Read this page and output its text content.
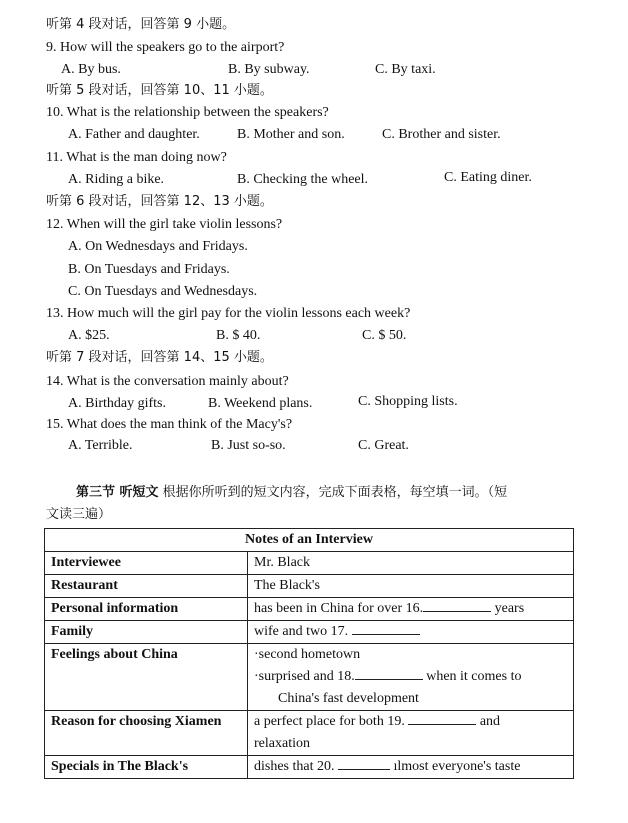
听第 4 段对话，回答第 9 小题。
9. How will the speakers go to the airport?
A. By bus.	B. By subway.	C. By taxi.
听第 5 段对话，回答第 10、11 小题。
10. What is the relationship between the speakers?
A. Father and daughter.	B. Mother and son.	C. Brother and sister.
11. What is the man doing now?
A. Riding a bike.	B. Checking the wheel.	C. Eating diner.
听第 6 段对话，回答第 12、13 小题。
12. When will the girl take violin lessons?
A. On Wednesdays and Fridays.
B. On Tuesdays and Fridays.
C. On Tuesdays and Wednesdays.
13. How much will the girl pay for the violin lessons each week?
A. $25.	B. $ 40.	C. $ 50.
听第 7 段对话，回答第 14、15 小题。
14. What is the conversation mainly about?
A. Birthday gifts.	B. Weekend plans.	C. Shopping lists.
15. What does the man think of the Macy's?
A. Terrible.	B. Just so-so.	C. Great.
第三节 听短文 根据你所听到的短文内容，完成下面表格，每空填一词。（短
文读三遍）
Notes of an Interview	
Interviewee	Mr. Black
Restaurant	The Black's
Personal information	has been in China for over 16. years
Family	wife and two 17.
Feelings about China	·second hometown
·surprised and 18. when it comes to
China's fast development

Reason for choosing Xiamen	a perfect place for both 19. and
relaxation

Specials in The Black's	dishes that 20. ılmost everyone's taste
